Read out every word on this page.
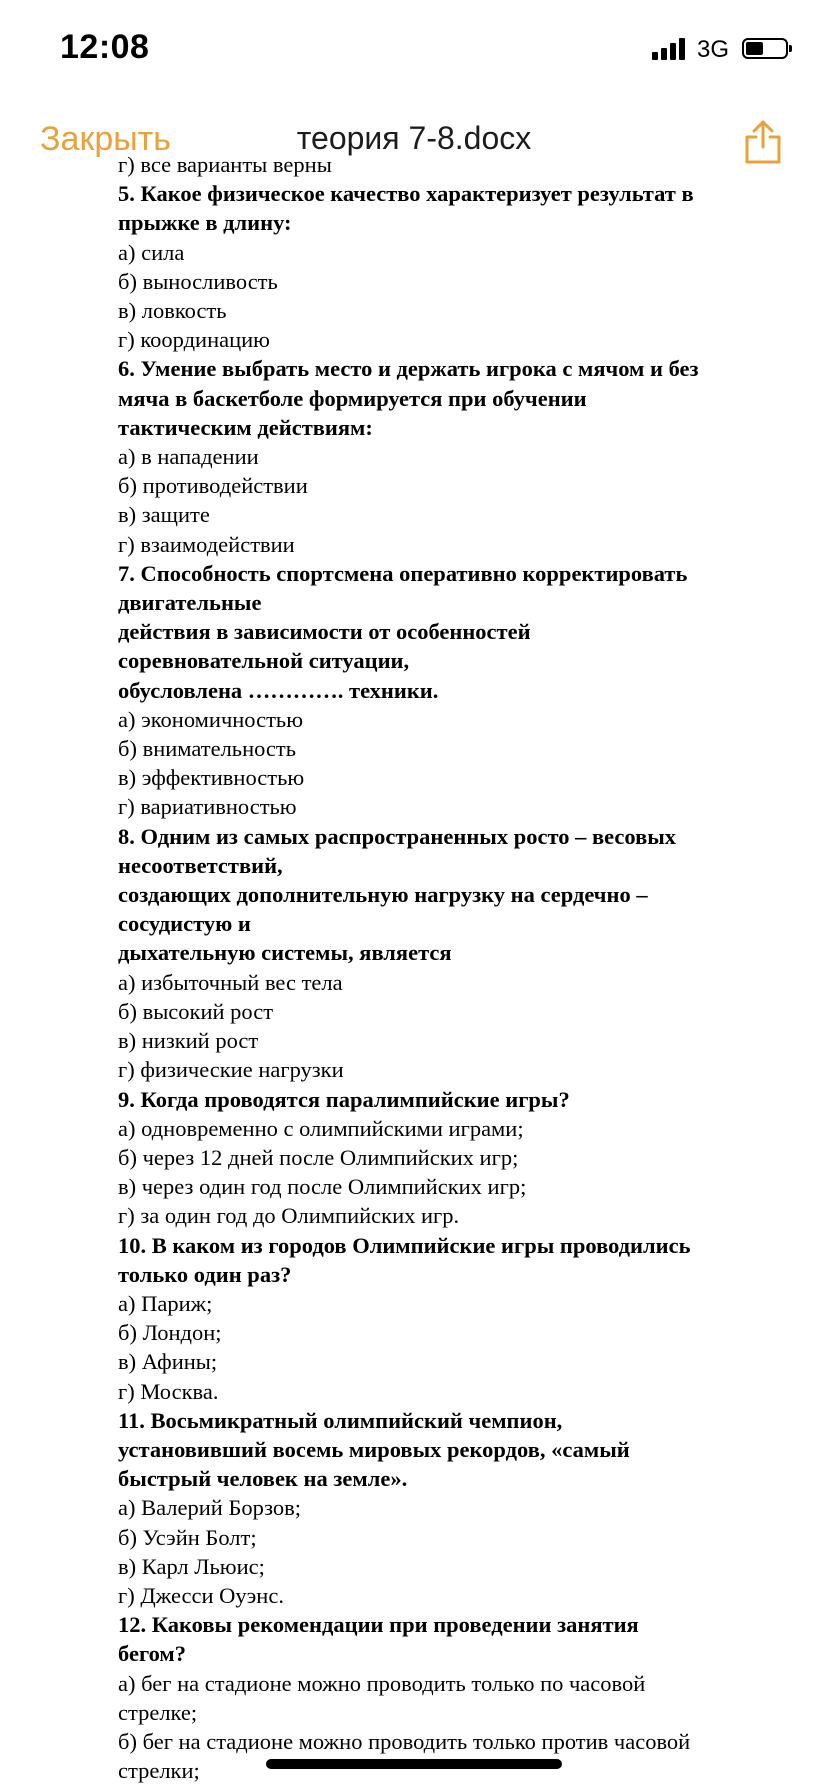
12:08	3G
Закрыть	теория 7-8.docx
г) все варианты верны
5. Какое физическое качество характеризует результат в
прыжке в длину:
а) сила
б) выносливость
в) ловкость
г) координацию
6. Умение выбрать место и держать игрока с мячом и без
мяча в баскетболе формируется при обучении
тактическим действиям:
а) в нападении
б) противодействии
в) защите
г) взаимодействии
7. Способность спортсмена оперативно корректировать
двигательные
действия в зависимости от особенностей
соревновательной ситуации,
обусловлена …………. техники.
а) экономичностью
б) внимательность
в) эффективностью
г) вариативностью
8. Одним из самых распространенных росто – весовых
несоответствий,
создающих дополнительную нагрузку на сердечно –
сосудистую и
дыхательную системы, является
а) избыточный вес тела
б) высокий рост
в) низкий рост
г) физические нагрузки
9. Когда проводятся паралимпийские игры?
а) одновременно с олимпийскими играми;
б) через 12 дней после Олимпийских игр;
в) через один год после Олимпийских игр;
г) за один год до Олимпийских игр.
10. В каком из городов Олимпийские игры проводились
только один раз?
а) Париж;
б) Лондон;
в) Афины;
г) Москва.
11. Восьмикратный олимпийский чемпион,
установивший восемь мировых рекордов, «самый
быстрый человек на земле».
а) Валерий Борзов;
б) Усэйн Болт;
в) Карл Льюис;
г) Джесси Оуэнс.
12. Каковы рекомендации при проведении занятия
бегом?
а) бег на стадионе можно проводить только по часовой
стрелке;
б) бег на стадионе можно проводить только против часовой
стрелки;
